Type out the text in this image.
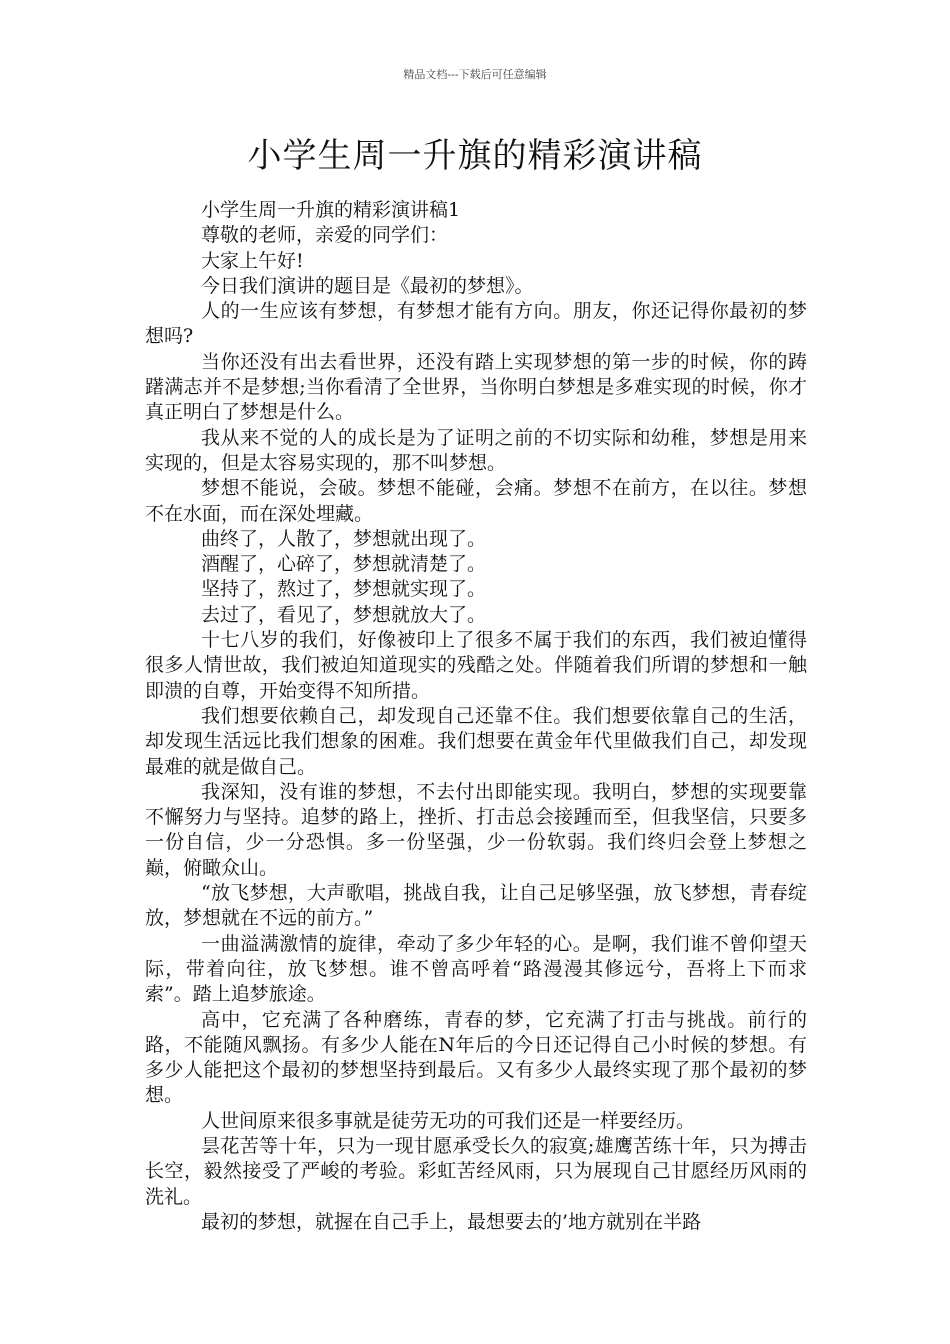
精品文档---下载后可任意编辑
小学生周一升旗的精彩演讲稿

小学生周一升旗的精彩演讲稿1

尊敬的老师，亲爱的同学们：

大家上午好!

今日我们演讲的题目是《最初的梦想》。

人的一生应该有梦想，有梦想才能有方向。朋友，你还记得你最初的梦想吗?

当你还没有出去看世界，还没有踏上实现梦想的第一步的时候，你的踌躇满志并不是梦想;当你看清了全世界，当你明白梦想是多难实现的时候，你才真正明白了梦想是什么。

我从来不觉的人的成长是为了证明之前的不切实际和幼稚，梦想是用来实现的，但是太容易实现的，那不叫梦想。

梦想不能说，会破。梦想不能碰，会痛。梦想不在前方，在以往。梦想不在水面，而在深处埋藏。

曲终了，人散了，梦想就出现了。

酒醒了，心碎了，梦想就清楚了。

坚持了，熬过了，梦想就实现了。

去过了，看见了，梦想就放大了。

十七八岁的我们，好像被印上了很多不属于我们的东西，我们被迫懂得很多人情世故，我们被迫知道现实的残酷之处。伴随着我们所谓的梦想和一触即溃的自尊，开始变得不知所措。

我们想要依赖自己，却发现自己还靠不住。我们想要依靠自己的生活，却发现生活远比我们想象的困难。我们想要在黄金年代里做我们自己，却发现最难的就是做自己。

我深知，没有谁的梦想，不去付出即能实现。我明白，梦想的实现要靠不懈努力与坚持。追梦的路上，挫折、打击总会接踵而至，但我坚信，只要多一份自信，少一分恐惧。多一份坚强，少一份软弱。我们终归会登上梦想之巅，俯瞰众山。

“放飞梦想，大声歌唱，挑战自我，让自己足够坚强，放飞梦想，青春绽放，梦想就在不远的前方。”

一曲溢满激情的旋律，牵动了多少年轻的心。是啊，我们谁不曾仰望天际，带着向往，放飞梦想。谁不曾高呼着“路漫漫其修远兮，吾将上下而求索”。踏上追梦旅途。

高中，它充满了各种磨练，青春的梦，它充满了打击与挑战。前行的路，不能随风飘扬。有多少人能在N年后的今日还记得自己小时候的梦想。有多少人能把这个最初的梦想坚持到最后。又有多少人最终实现了那个最初的梦想。

人世间原来很多事就是徒劳无功的可我们还是一样要经历。

昙花苦等十年，只为一现甘愿承受长久的寂寞;雄鹰苦练十年，只为搏击长空，毅然接受了严峻的考验。彩虹苦经风雨，只为展现自己甘愿经历风雨的洗礼。

最初的梦想，就握在自己手上，最想要去的’地方就别在半路
